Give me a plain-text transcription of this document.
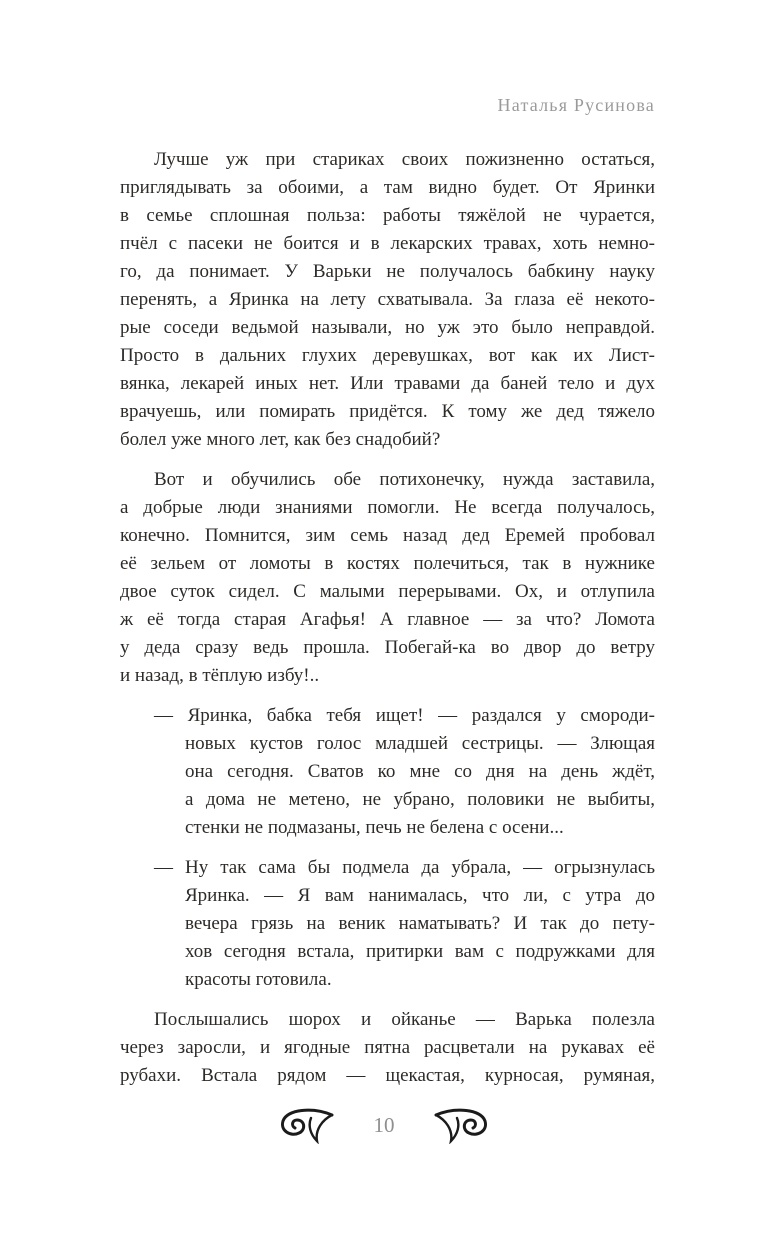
Наталья Русинова
Лучше уж при стариках своих пожизненно остаться,
приглядывать за обоими, а там видно будет. От Яринки
в семье сплошная польза: работы тяжёлой не чурается,
пчёл с пасеки не боится и в лекарских травах, хоть немно-
го, да понимает. У Варьки не получалось бабкину науку
перенять, а Яринка на лету схватывала. За глаза её некото-
рые соседи ведьмой называли, но уж это было неправдой.
Просто в дальних глухих деревушках, вот как их Лист-
вянка, лекарей иных нет. Или травами да баней тело и дух
врачуешь, или помирать придётся. К тому же дед тяжело
болел уже много лет, как без снадобий?
Вот и обучились обе потихонечку, нужда заставила,
а добрые люди знаниями помогли. Не всегда получалось,
конечно. Помнится, зим семь назад дед Еремей пробовал
её зельем от ломоты в костях полечиться, так в нужнике
двое суток сидел. С малыми перерывами. Ох, и отлупила
ж её тогда старая Агафья! А главное — за что? Ломота
у деда сразу ведь прошла. Побегай-ка во двор до ветру
и назад, в тёплую избу!..
— Яринка, бабка тебя ищет! — раздался у смороди-
новых кустов голос младшей сестрицы. — Злющая
она сегодня. Сватов ко мне со дня на день ждёт,
а дома не метено, не убрано, половики не выбиты,
стенки не подмазаны, печь не белена с осени...
— Ну так сама бы подмела да убрала, — огрызнулась
Яринка. — Я вам нанималась, что ли, с утра до
вечера грязь на веник наматывать? И так до пету-
хов сегодня встала, притирки вам с подружками для
красоты готовила.
Послышались шорох и ойканье — Варька полезла
через заросли, и ягодные пятна расцветали на рукавах её
рубахи. Встала рядом — щекастая, курносая, румяная,
10
